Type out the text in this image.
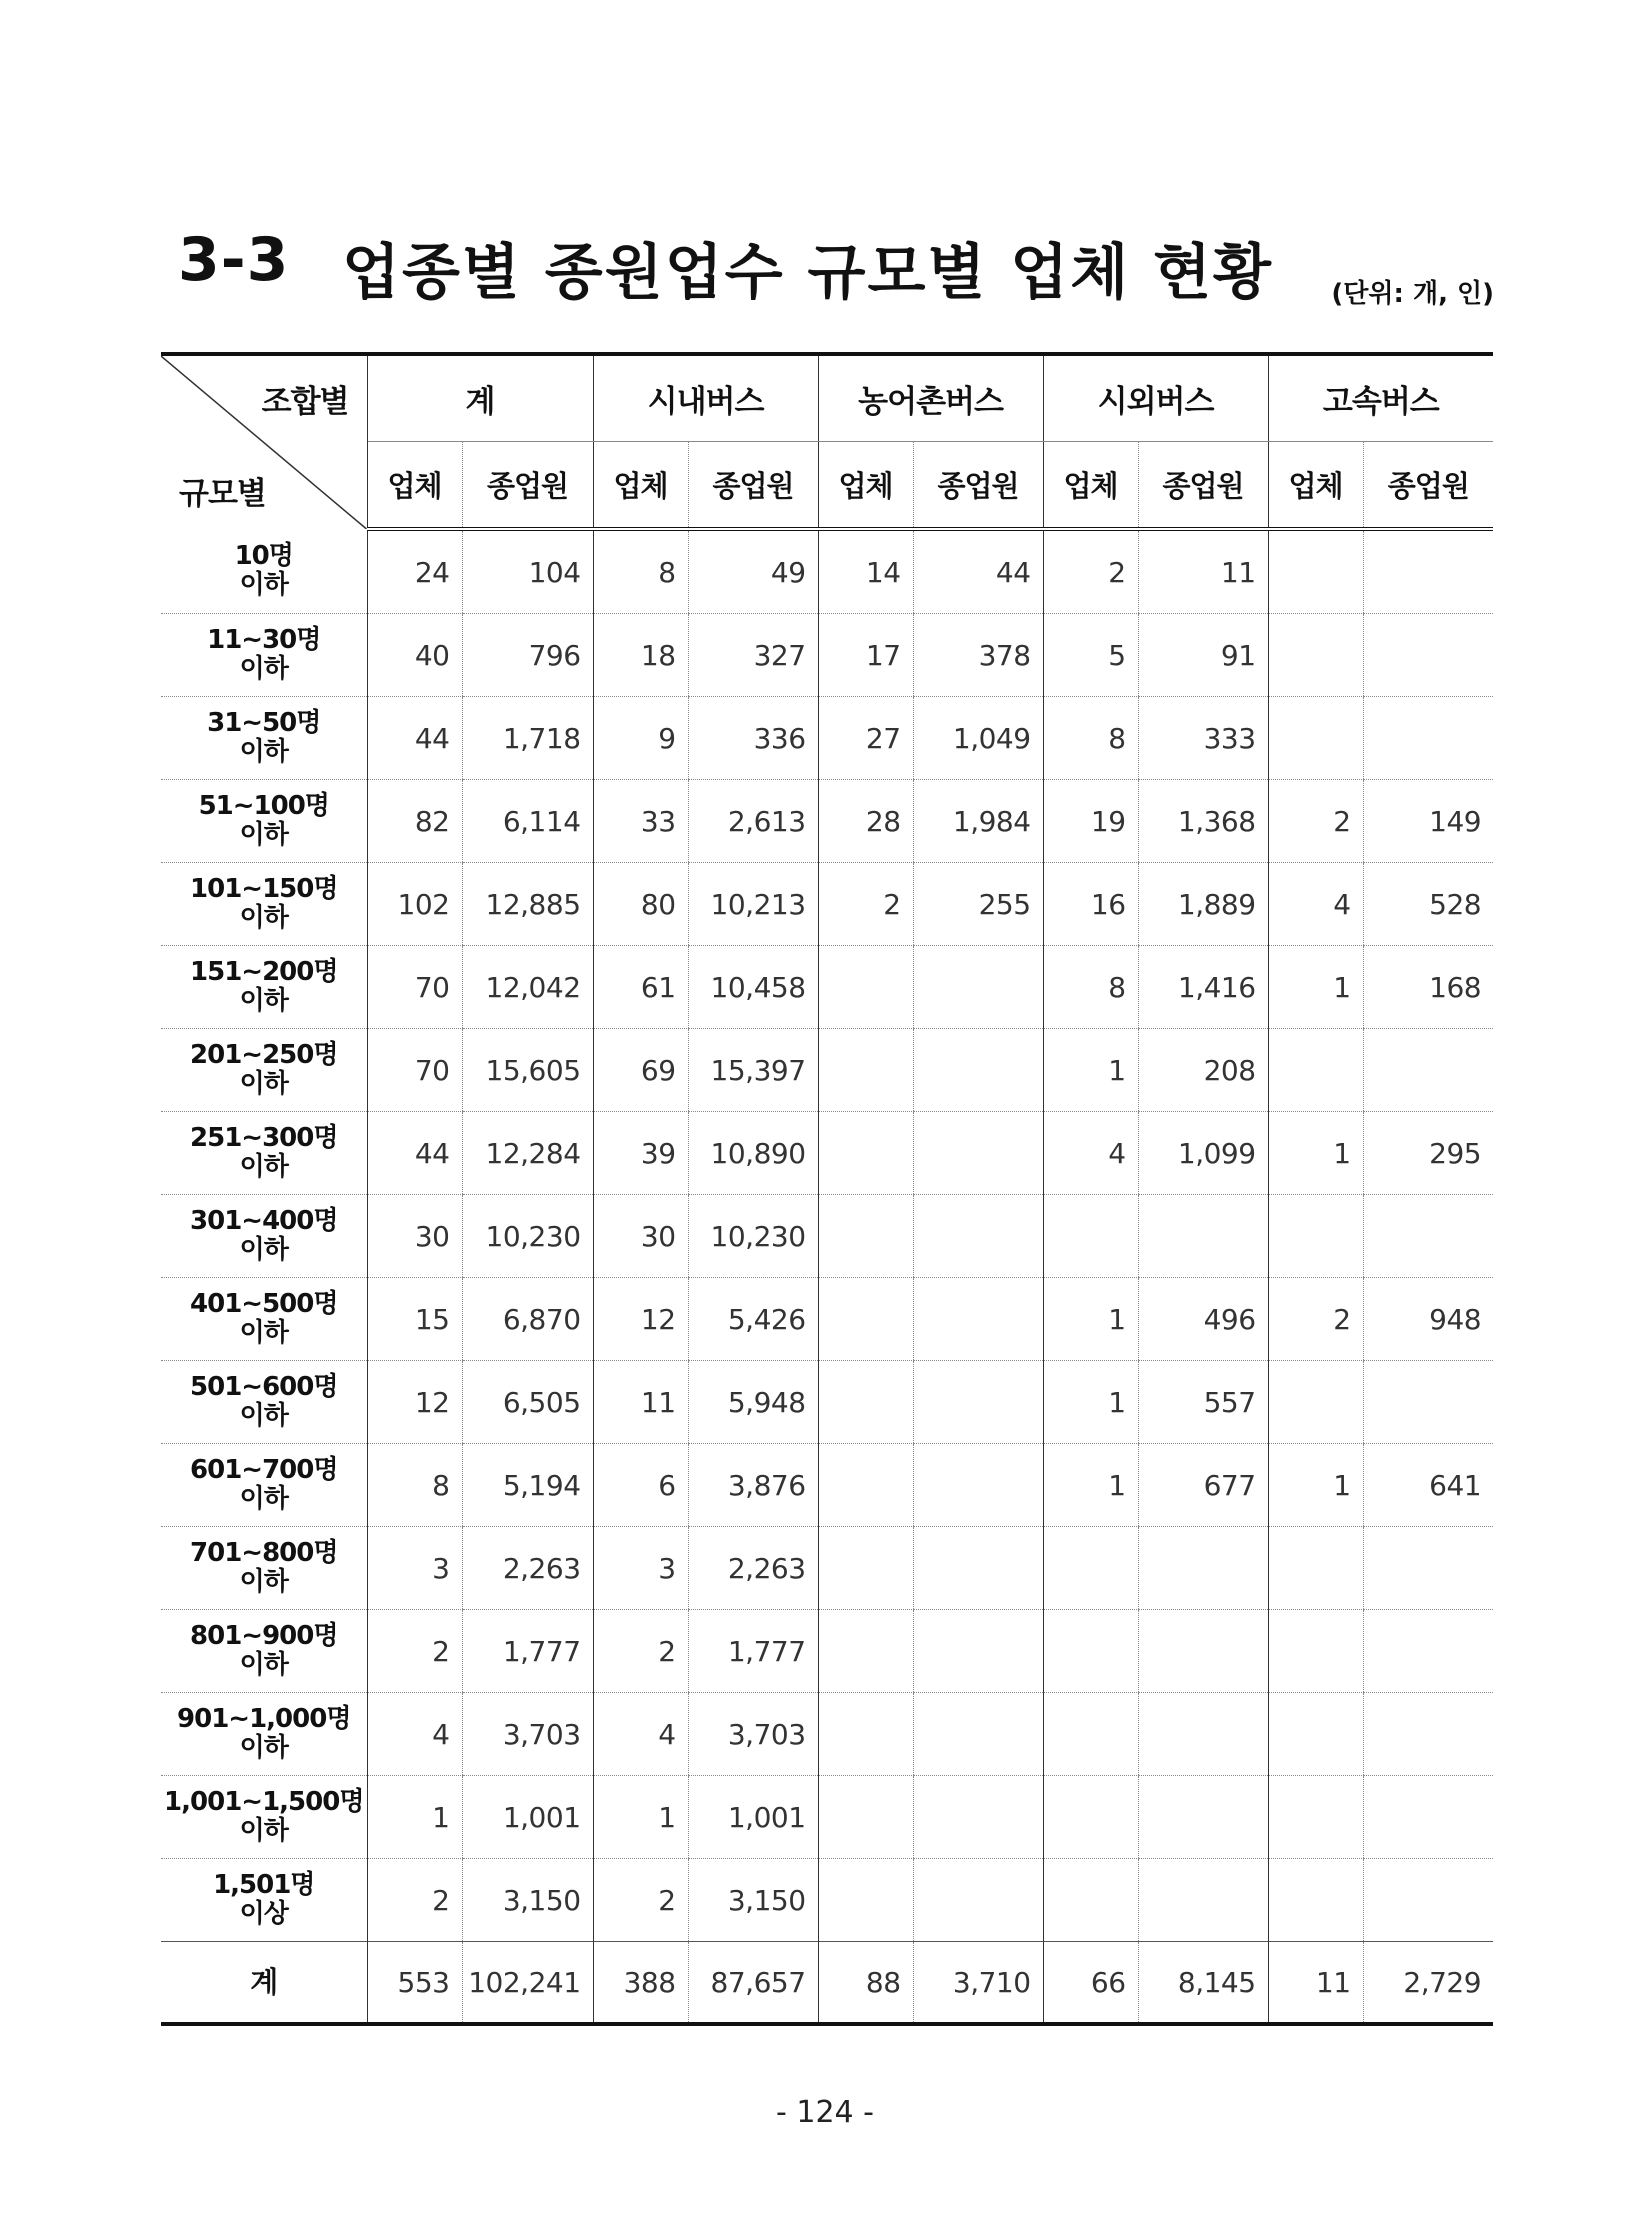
3-3 업종별 종원업수 규모별 업체 현황 (단위: 개, 인)
조합별
규모별	계		시내버스		농어촌버스		시외버스		고속버스	
	업체	종업원	업체	종업원	업체	종업원	업체	종업원	업체	종업원

10명
이하	24	104	8	49	14	44	2	11		

11~30명
이하	40	796	18	327	17	378	5	91		

31~50명
이하	44	1,718	9	336	27	1,049	8	333		

51~100명
이하	82	6,114	33	2,613	28	1,984	19	1,368	2	149

101~150명
이하	102	12,885	80	10,213	2	255	16	1,889	4	528

151~200명
이하	70	12,042	61	10,458			8	1,416	1	168

201~250명
이하	70	15,605	69	15,397			1	208		

251~300명
이하	44	12,284	39	10,890			4	1,099	1	295

301~400명
이하	30	10,230	30	10,230						

401~500명
이하	15	6,870	12	5,426			1	496	2	948

501~600명
이하	12	6,505	11	5,948			1	557		

601~700명
이하	8	5,194	6	3,876			1	677	1	641

701~800명
이하	3	2,263	3	2,263						

801~900명
이하	2	1,777	2	1,777						

901~1,000명
이하	4	3,703	4	3,703						

1,001~1,500명
이하	1	1,001	1	1,001						

1,501명
이상	2	3,150	2	3,150						
계	553	102,241	388	87,657	88	3,710	66	8,145	11	2,729
- 124 -
